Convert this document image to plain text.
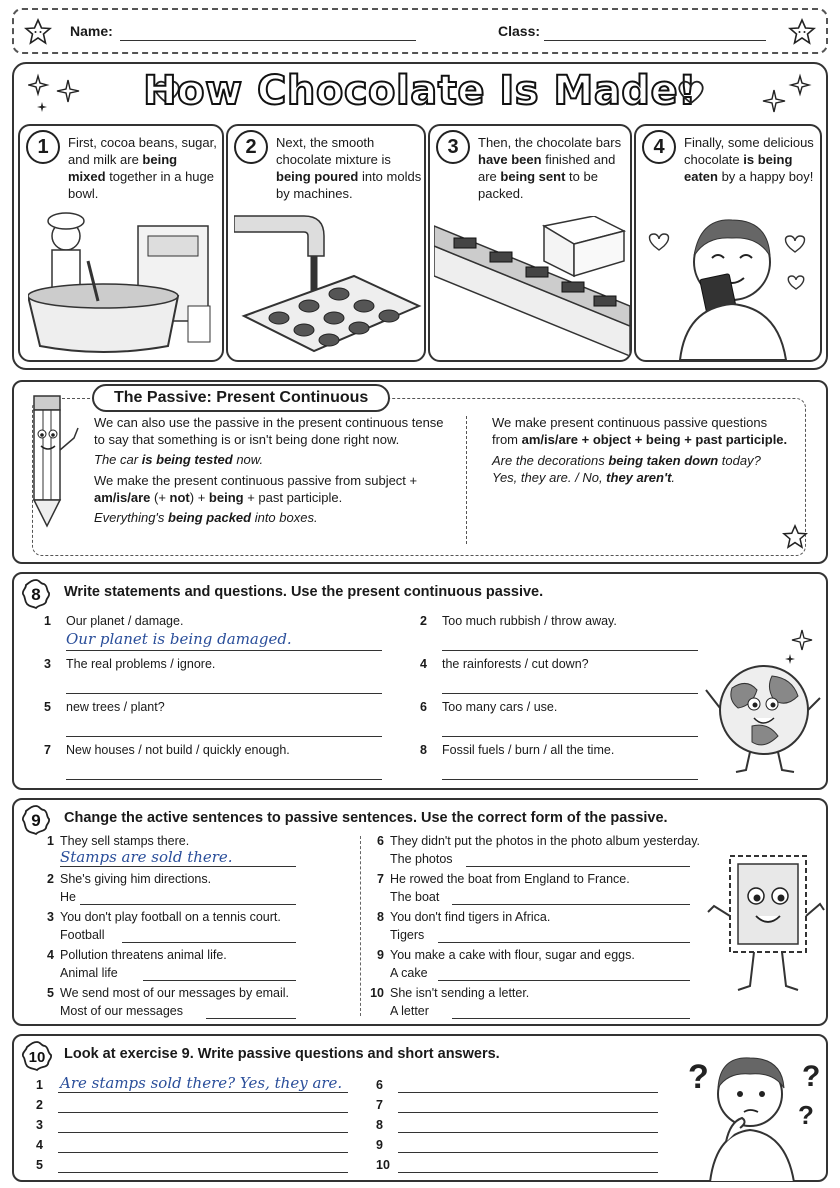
Name:	Class:
How Chocolate Is Made!
1	First, cocoa beans, sugar, and milk are being mixed together in a huge bowl.
2	Next, the smooth chocolate mixture is being poured into molds by machines.
3	Then, the chocolate bars have been finished and are being sent to be packed.
4	Finally, some delicious chocolate is being eaten by a happy boy!
The Passive: Present Continuous

We can also use the passive in the present continuous tense to say that something is or isn't being done right now.

The car is being tested now.

We make the present continuous passive from subject + am/is/are (+ not) + being + past participle.

Everything's being packed into boxes.

We make present continuous passive questions from am/is/are + object + being + past participle.

Are the decorations being taken down today?

Yes, they are. / No, they aren't.

8 Write statements and questions. Use the present continuous passive.
1	Our planet / damage.
Our planet is being damaged.
2	Too much rubbish / throw away.
3	The real problems / ignore.	4	the rainforests / cut down?
5	new trees / plant?	6	Too many cars / use.
7	New houses / not build / quickly enough.	8	Fossil fuels / burn / all the time.
9 Change the active sentences to passive sentences. Use the correct form of the passive.
1 They sell stamps there.
Stamps are sold there.
2 She's giving him directions.
He
3 You don't play football on a tennis court.
Football
4 Pollution threatens animal life.
Animal life
5 We send most of our messages by email.
Most of our messages
6 They didn't put the photos in the photo album yesterday.
The photos
7 He rowed the boat from England to France.
The boat
8 You don't find tigers in Africa.
Tigers
9 You make a cake with flour, sugar and eggs.
A cake
10 She isn't sending a letter.
A letter
10 Look at exercise 9. Write passive questions and short answers.
?	?
?
1	Are stamps sold there? Yes, they are.	6
2	7
3	8
4	9
5	10
